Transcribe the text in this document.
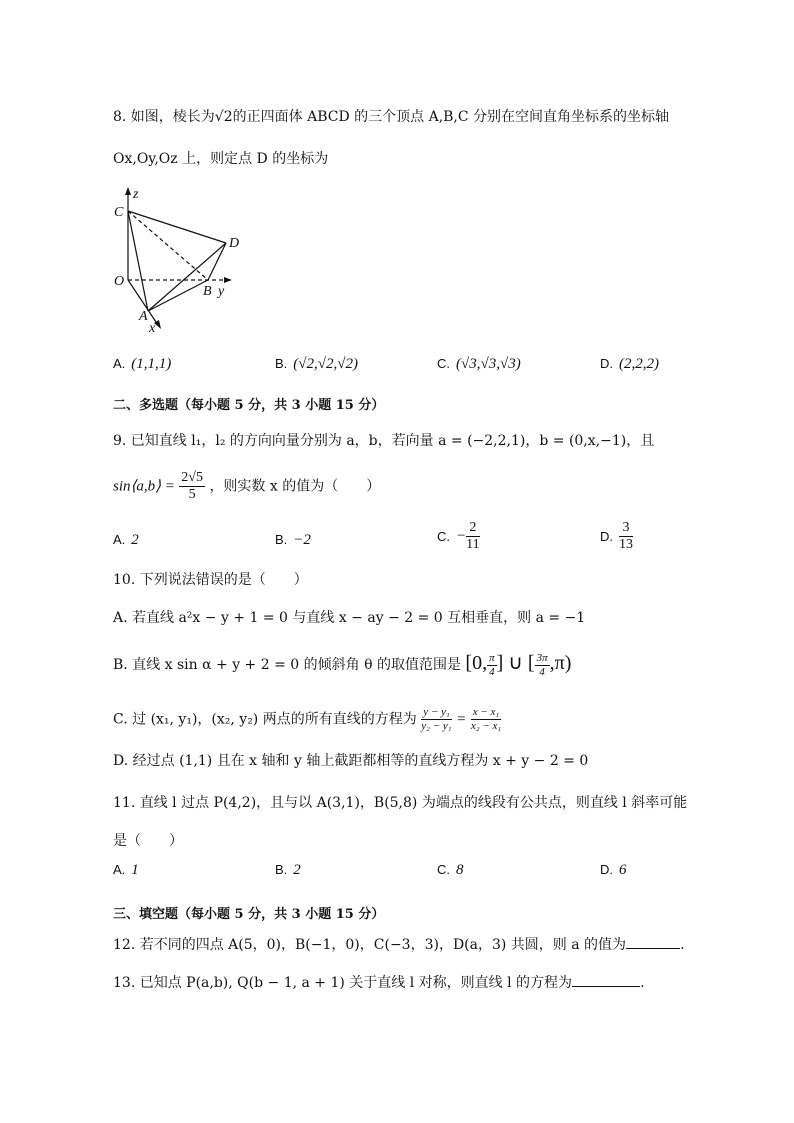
8. 如图，棱长为√2的正四面体 ABCD 的三个顶点 A,B,C 分别在空间直角坐标系的坐标轴
Ox,Oy,Oz 上，则定点 D 的坐标为
z
C
D
O
B y
A
x
A. (1,1,1)	B. (√2,√2,√2)	C. (√3,√3,√3)	D. (2,2,2)
二、多选题（每小题 5 分，共 3 小题 15 分）
9. 已知直线 l₁，l₂ 的方向向量分别为 a，b，若向量 a = (−2,2,1)，b = (0,x,−1)，且
sin⟨a,b⟩ = $\frac{2√5}{5}$ ，则实数 x 的值为（　　）
A. 2	B. −2	C. − $\frac{2}{11}$	D. $\frac{3}{13}$
10. 下列说法错误的是（　　）
A. 若直线 a²x − y + 1 = 0 与直线 x − ay − 2 = 0 互相垂直，则 a = −1
B. 直线 x sin α + y + 2 = 0 的倾斜角 θ 的取值范围是 [0, $\frac{\pi}{4}$ ] ∪ [ $\frac{3\pi}{4} ,\pi$)
C. 过 (x₁, y₁)，(x₂, y₂) 两点的所有直线的方程为 $\frac{\text{y − y₁}}{\text{y₂ − y₁}} = \frac{\text{x − x₁}}{\text{x₂ − x₁}}$
D. 经过点 (1,1) 且在 x 轴和 y 轴上截距都相等的直线方程为 x + y − 2 = 0
11. 直线 l 过点 P(4,2)，且与以 A(3,1)，B(5,8) 为端点的线段有公共点，则直线 l 斜率可能
是（　　）
A. 1	B. 2	C. 8	D. 6
三、填空题（每小题 5 分，共 3 小题 15 分）
12. 若不同的四点 A(5，0)，B(−1，0)，C(−3，3)，D(a，3) 共圆，则 a 的值为	.
13. 已知点 P(a,b), Q(b − 1, a + 1) 关于直线 l 对称，则直线 l 的方程为	.
